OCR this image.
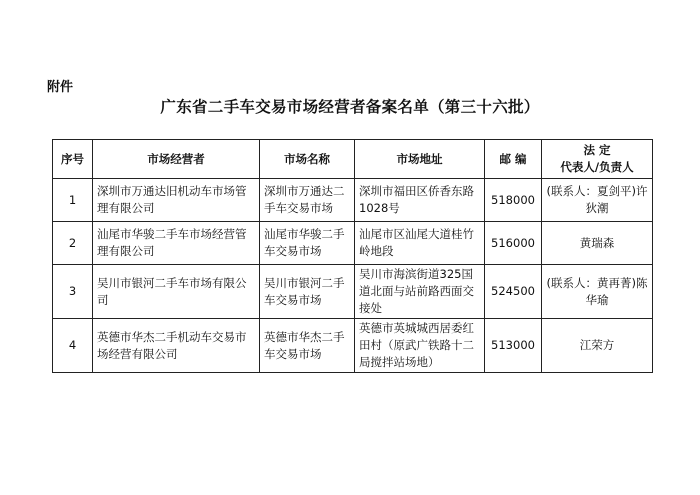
附件
广东省二手车交易市场经营者备案名单（第三十六批）
序号	市场经营者	市场名称	市场地址	邮 编	法 定
代表人/负责人

1	深圳市万通达旧机动车市场管理有限公司	深圳市万通达二手车交易市场	深圳市福田区侨香东路1028号	518000	(联系人：夏剑平)许狄潮
2	汕尾市华骏二手车市场经营管理有限公司	汕尾市华骏二手车交易市场	汕尾市区汕尾大道桂竹岭地段	516000	黄瑞森
3	吴川市银河二手车市场有限公司	吴川市银河二手车交易市场	吴川市海滨街道325国道北面与站前路西面交接处	524500	(联系人：黄再菁)陈华瑜
4	英德市华杰二手机动车交易市场经营有限公司	英德市华杰二手车交易市场	英德市英城城西居委红田村（原武广铁路十二局搅拌站场地）	513000	江荣方
